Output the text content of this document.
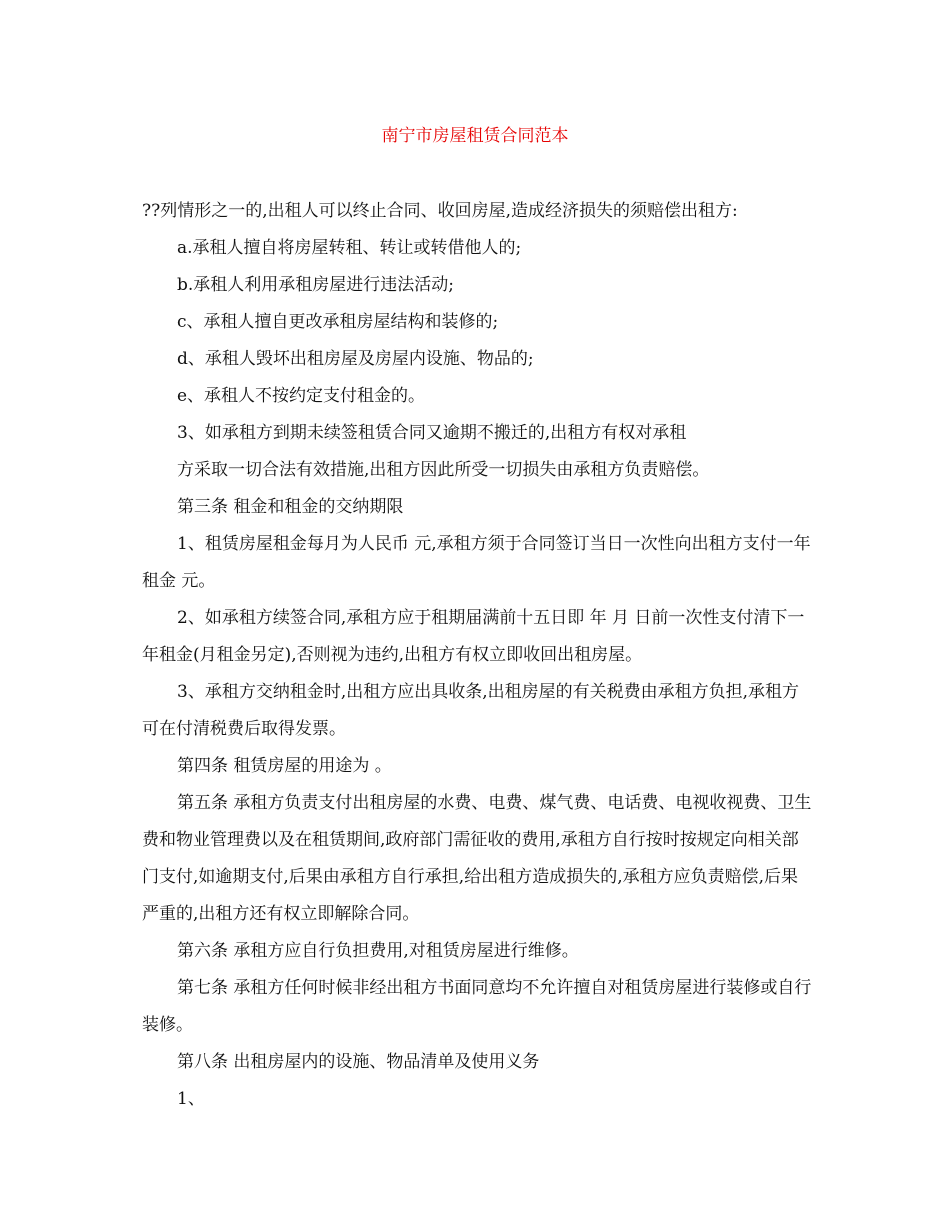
南宁市房屋租赁合同范本

??列情形之一的,出租人可以终止合同、收回房屋,造成经济损失的须赔偿出租方:

a.承租人擅自将房屋转租、转让或转借他人的;

b.承租人利用承租房屋进行违法活动;

c、承租人擅自更改承租房屋结构和装修的;

d、承租人毁坏出租房屋及房屋内设施、物品的;

e、承租人不按约定支付租金的。

3、如承租方到期未续签租赁合同又逾期不搬迁的,出租方有权对承租

方采取一切合法有效措施,出租方因此所受一切损失由承租方负责赔偿。

第三条 租金和租金的交纳期限

1、租赁房屋租金每月为人民币 元,承租方须于合同签订当日一次性向出租方支付一年租金 元。

2、如承租方续签合同,承租方应于租期届满前十五日即 年 月 日前一次性支付清下一年租金(月租金另定),否则视为违约,出租方有权立即收回出租房屋。

3、承租方交纳租金时,出租方应出具收条,出租房屋的有关税费由承租方负担,承租方可在付清税费后取得发票。

第四条 租赁房屋的用途为 。

第五条 承租方负责支付出租房屋的水费、电费、煤气费、电话费、电视收视费、卫生费和物业管理费以及在租赁期间,政府部门需征收的费用,承租方自行按时按规定向相关部门支付,如逾期支付,后果由承租方自行承担,给出租方造成损失的,承租方应负责赔偿,后果严重的,出租方还有权立即解除合同。

第六条 承租方应自行负担费用,对租赁房屋进行维修。

第七条 承租方任何时候非经出租方书面同意均不允许擅自对租赁房屋进行装修或自行装修。

第八条 出租房屋内的设施、物品清单及使用义务

1、
